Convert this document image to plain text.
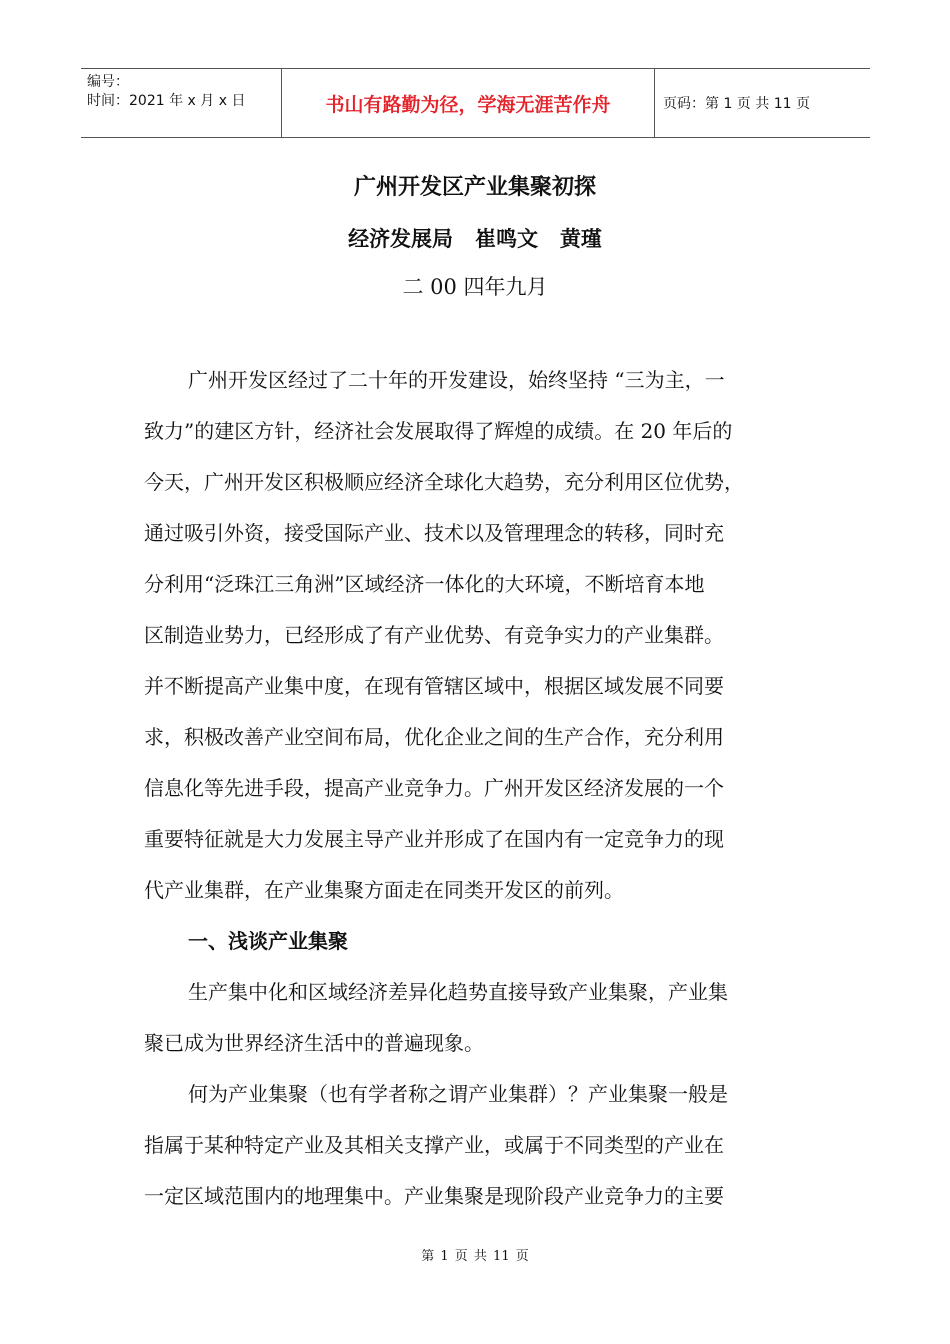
编号：
时间：2021 年 x 月 x 日	书山有路勤为径，学海无涯苦作舟	页码：第 1 页 共 11 页
广州开发区产业集聚初探
经济发展局   崔鸣文   黄瑾
二 00 四年九月
广州开发区经过了二十年的开发建设，始终坚持 “三为主，一
致力”的建区方针，经济社会发展取得了辉煌的成绩。在 20 年后的
今天，广州开发区积极顺应经济全球化大趋势，充分利用区位优势，
通过吸引外资，接受国际产业、技术以及管理理念的转移，同时充
分利用“泛珠江三角洲”区域经济一体化的大环境，不断培育本地
区制造业势力，已经形成了有产业优势、有竞争实力的产业集群。
并不断提高产业集中度，在现有管辖区域中，根据区域发展不同要
求，积极改善产业空间布局，优化企业之间的生产合作，充分利用
信息化等先进手段，提高产业竞争力。广州开发区经济发展的一个
重要特征就是大力发展主导产业并形成了在国内有一定竞争力的现
代产业集群，在产业集聚方面走在同类开发区的前列。
一、浅谈产业集聚
生产集中化和区域经济差异化趋势直接导致产业集聚，产业集
聚已成为世界经济生活中的普遍现象。
何为产业集聚（也有学者称之谓产业集群）？产业集聚一般是
指属于某种特定产业及其相关支撑产业，或属于不同类型的产业在
一定区域范围内的地理集中。产业集聚是现阶段产业竞争力的主要
第 1 页 共 11 页
